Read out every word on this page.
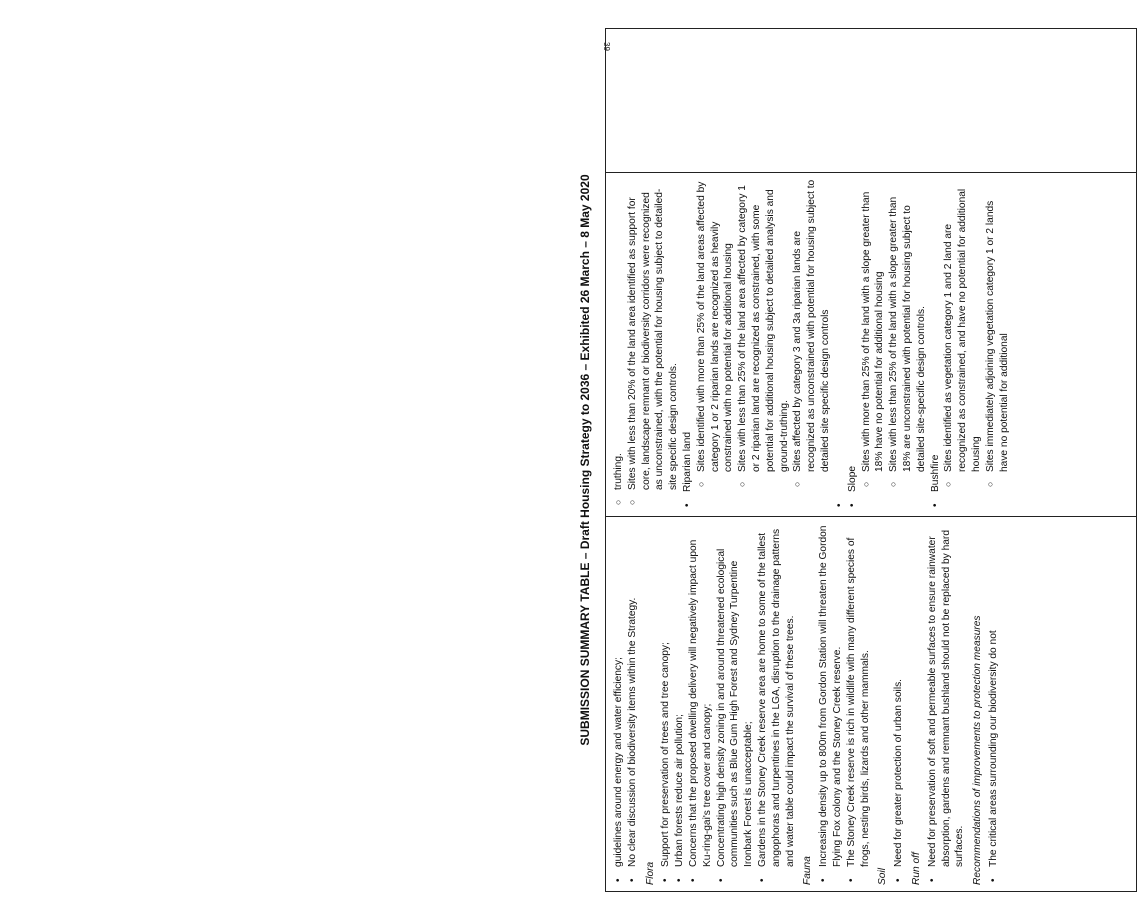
39
SUBMISSION SUMMARY TABLE – Draft Housing Strategy to 2036 – Exhibited 26 March – 8 May 2020
• guidelines around energy and water efficiency; • No clear discussion of biodiversity items within the Strategy.
Flora
• Support for preservation of trees and tree canopy; • Urban forests reduce air pollution; • Concerns that the proposed dwelling delivery will negatively impact upon Ku-ring-gai's tree cover and canopy; • Concentrating high density zoning in and around threatened ecological communities such as Blue Gum High Forest and Sydney Turpentine Ironbark Forest is unacceptable; • Gardens in the Stoney Creek reserve area are home to some of the tallest angophoras and turpentines in the LGA, disruption to the drainage patterns and water table could impact the survival of these trees.
Fauna
• Increasing density up to 800m from Gordon Station will threaten the Gordon Flying Fox colony and the Stoney Creek reserve. • The Stoney Creek reserve is rich in wildlife with many different species of frogs, nesting birds, lizards and other mammals.
Soil
• Need for greater protection of urban soils.
Run off
• Need for preservation of soft and permeable surfaces to ensure rainwater absorption, gardens and remnant bushland should not be replaced by hard surfaces. Recommendations of improvements to protection measures • The critical areas surrounding our biodiversity do not
○ truthing. ○ Sites with less than 20% of the land area identified as support for core, landscape remnant or biodiversity corridors were recognized as unconstrained, with the potential for housing subject to detailed-site specific design controls. • Riparian land ○ Sites identified with more than 25% of the land areas affected by category 1 or 2 riparian lands are recognized as heavily constrained with no potential for additional housing ○ Sites with less than 25% of the land area affected by category 1 or 2 riparian land are recognized as constrained, with some potential for additional housing subject to detailed analysis and ground-truthing. ○ Sites affected by category 3 and 3a riparian lands are recognized as unconstrained with potential for housing subject to detailed site specific design controls
•
• Slope
○ Sites with more than 25% of the land with a slope greater than 18% have no potential for additional housing ○ Sites with less than 25% of the land with a slope greater than 18% are unconstrained with potential for housing subject to detailed site-specific design controls.
• Bushfire
○ Sites identified as vegetation category 1 and 2 land are recognized as constrained, and have no potential for additional housing ○ Sites immediately adjoining vegetation category 1 or 2 lands have no potential for additional
